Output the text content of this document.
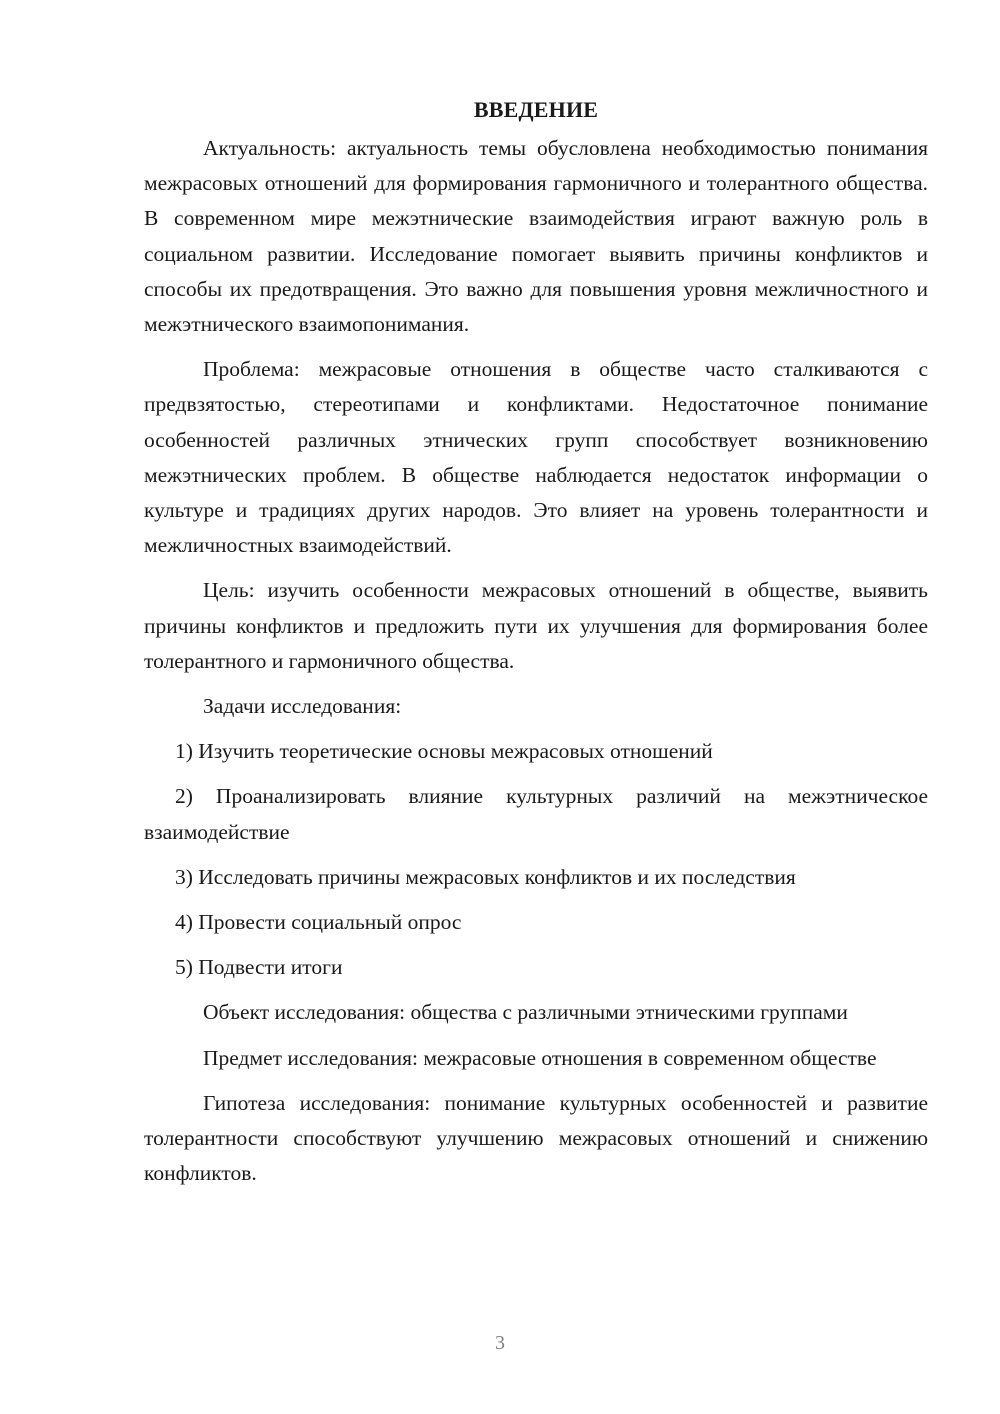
ВВЕДЕНИЕ

Актуальность: актуальность темы обусловлена необходимостью понимания межрасовых отношений для формирования гармоничного и толерантного общества. В современном мире межэтнические взаимодействия играют важную роль в социальном развитии. Исследование помогает выявить причины конфликтов и способы их предотвращения. Это важно для повышения уровня межличностного и межэтнического взаимопонимания.

Проблема: межрасовые отношения в обществе часто сталкиваются с предвзятостью, стереотипами и конфликтами. Недостаточное понимание особенностей различных этнических групп способствует возникновению межэтнических проблем. В обществе наблюдается недостаток информации о культуре и традициях других народов. Это влияет на уровень толерантности и межличностных взаимодействий.

Цель: изучить особенности межрасовых отношений в обществе, выявить причины конфликтов и предложить пути их улучшения для формирования более толерантного и гармоничного общества.

Задачи исследования:

1) Изучить теоретические основы межрасовых отношений

2) Проанализировать влияние культурных различий на межэтническое взаимодействие

3) Исследовать причины межрасовых конфликтов и их последствия

4) Провести социальный опрос

5) Подвести итоги

Объект исследования: общества с различными этническими группами

Предмет исследования: межрасовые отношения в современном обществе

Гипотеза исследования: понимание культурных особенностей и развитие толерантности способствуют улучшению межрасовых отношений и снижению конфликтов.

3
